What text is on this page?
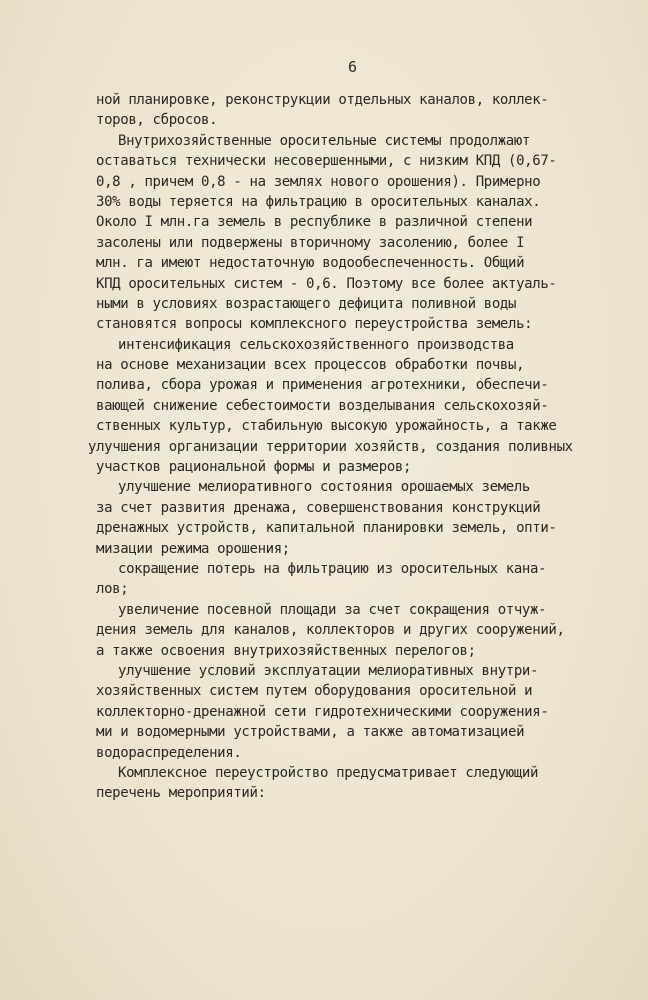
6
ной планировке, реконструкции отдельных каналов, коллек-
торов, сбросов.
Внутрихозяйственные оросительные системы продолжают
оставаться технически несовершенными, с низким КПД (0,67-
0,8 , причем 0,8 - на землях нового орошения). Примерно
30% воды теряется на фильтрацию в оросительных каналах.
Около I млн.га земель в республике в различной степени
засолены или подвержены вторичному засолению, более I
млн. га имеют недостаточную водообеспеченность. Общий
КПД оросительных систем - 0,6. Поэтому все более актуаль-
ными в условиях возрастающего дефицита поливной воды
становятся вопросы комплексного переустройства земель:
интенсификация сельскохозяйственного производства
на основе механизации всех процессов обработки почвы,
полива, сбора урожая и применения агротехники, обеспечи-
вающей снижение себестоимости возделывания сельскохозяй-
ственных культур, стабильную высокую урожайность, а также
улучшения организации территории хозяйств, создания поливных
участков рациональной формы и размеров;
улучшение мелиоративного состояния орошаемых земель
за счет развития дренажа, совершенствования конструкций
дренажных устройств, капитальной планировки земель, опти-
мизации режима орошения;
сокращение потерь на фильтрацию из оросительных кана-
лов;
увеличение посевной площади за счет сокращения отчуж-
дения земель для каналов, коллекторов и других сооружений,
а также освоения внутрихозяйственных перелогов;
улучшение условий эксплуатации мелиоративных внутри-
хозяйственных систем путем оборудования оросительной и
коллекторно-дренажной сети гидротехническими сооружения-
ми и водомерными устройствами, а также автоматизацией
водораспределения.
Комплексное переустройство предусматривает следующий
перечень мероприятий:
